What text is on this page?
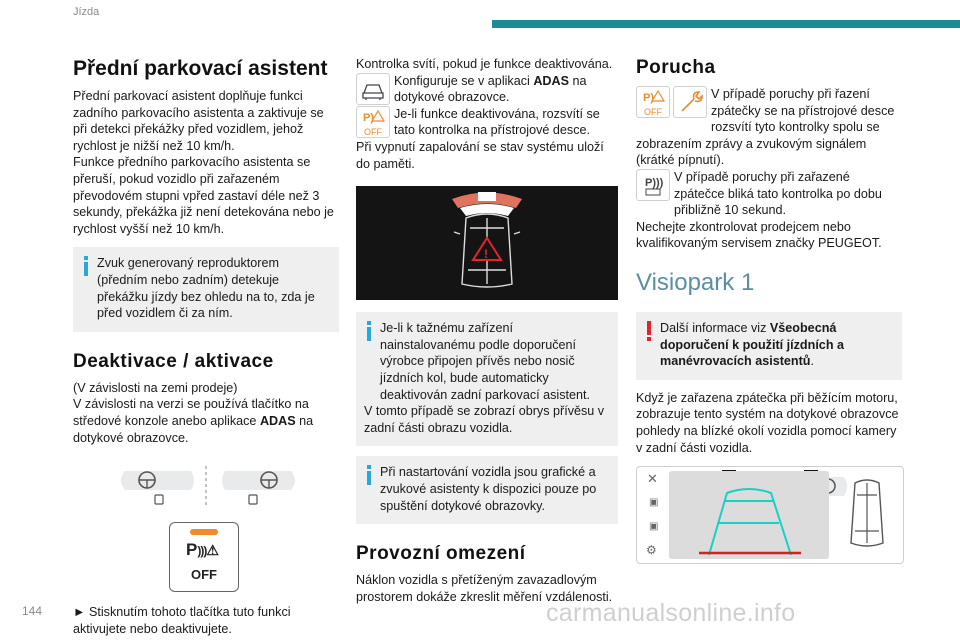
Jízda
Přední parkovací asistent

Přední parkovací asistent doplňuje funkci zadního parkovacího asistenta a zaktivuje se při detekci překážky před vozidlem, jehož rychlost je nižší než 10 km/h.

Funkce předního parkovacího asistenta se přeruší, pokud vozidlo při zařazeném převodovém stupni vpřed zastaví déle než 3 sekundy, překážka již není detekována nebo je rychlost vyšší než 10 km/h.

Zvuk generovaný reproduktorem (předním nebo zadním) detekuje překážku jízdy bez ohledu na to, zda je před vozidlem či za ním.

Deaktivace / aktivace

(V závislosti na zemi prodeje)

V závislosti na verzi se používá tlačítko na středové konzole anebo aplikace ADAS na dotykové obrazovce.

P)))⚠
OFF

► Stisknutím tohoto tlačítka tuto funkci aktivujete nebo deaktivujete.

Kontrolka svítí, pokud je funkce deaktivována.

Konfiguruje se v aplikaci ADAS na dotykové obrazovce.

P)
OFF

Je-li funkce deaktivována, rozsvítí se tato kontrolka na přístrojové desce.

Při vypnutí zapalování se stav systému uloží do paměti.

!

Je-li k tažnému zařízení nainstalovanému podle doporučení výrobce připojen přívěs nebo nosič jízdních kol, bude automaticky deaktivován zadní parkovací asistent.

V tomto případě se zobrazí obrys přívěsu v zadní části obrazu vozidla.

Při nastartování vozidla jsou grafické a zvukové asistenty k dispozici pouze po spuštění dotykové obrazovky.

Provozní omezení

Náklon vozidla s přetíženým zavazadlovým prostorem dokáže zkreslit měření vzdálenosti.

Porucha
P)
OFF

V případě poruchy při řazení zpátečky se na přístrojové desce rozsvítí tyto kontrolky spolu se zobrazením zprávy a zvukovým signálem (krátké pípnutí).

P))) V případě poruchy při zařazené zpátečce bliká tato kontrolka po dobu přibližně 10 sekund.

Nechejte zkontrolovat prodejcem nebo kvalifikovaným servisem značky PEUGEOT.

Visiopark 1

Další informace viz Všeobecná doporučení k použití jízdních a manévrovacích asistentů.

Když je zařazena zpátečka při běžícím motoru, zobrazuje tento systém na dotykové obrazovce pohledy na blízké okolí vozidla pomocí kamery v zadní části vozidla.

✕
▣
▣
⚙
144	carmanualsonline.info
